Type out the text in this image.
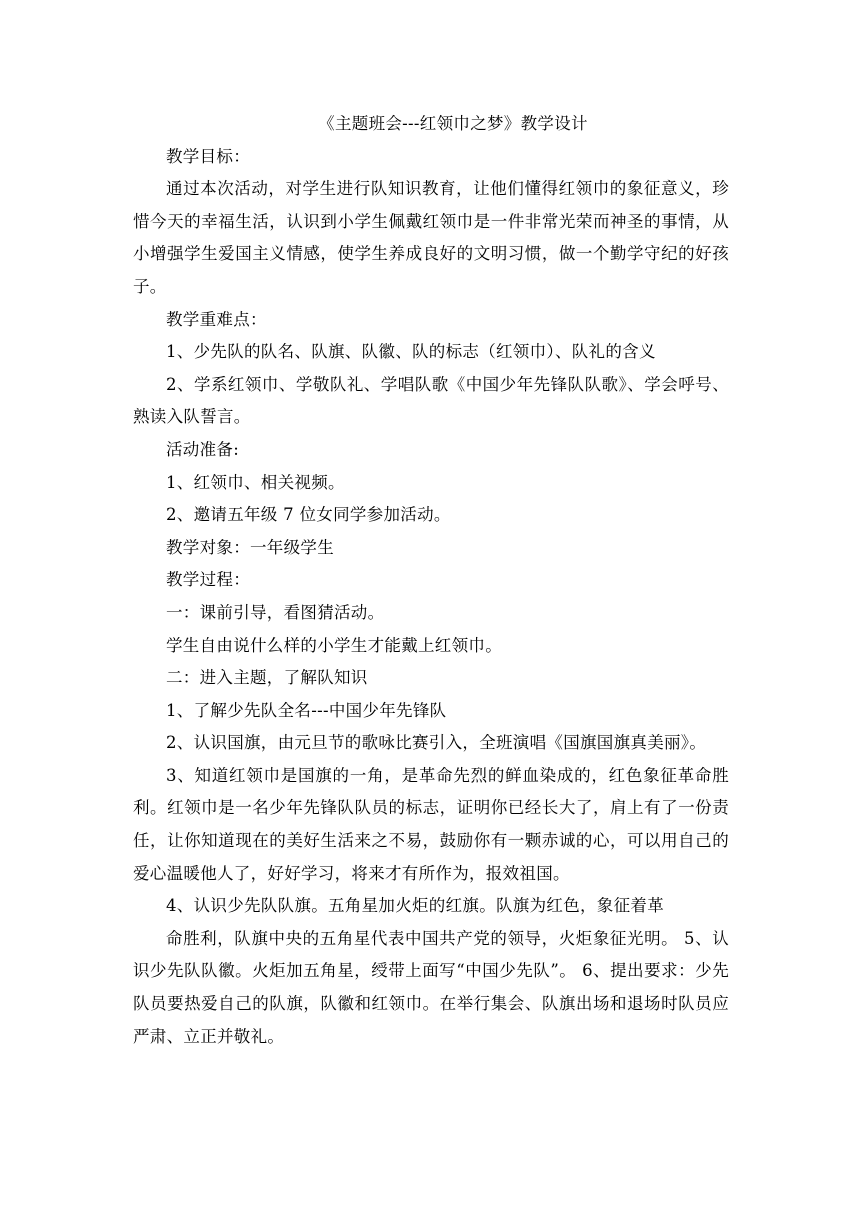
《主题班会---红领巾之梦》教学设计

教学目标：

通过本次活动，对学生进行队知识教育，让他们懂得红领巾的象征意义，珍惜今天的幸福生活，认识到小学生佩戴红领巾是一件非常光荣而神圣的事情，从小增强学生爱国主义情感，使学生养成良好的文明习惯，做一个勤学守纪的好孩子。

教学重难点：

1、少先队的队名、队旗、队徽、队的标志（红领巾）、队礼的含义

2、学系红领巾、学敬队礼、学唱队歌《中国少年先锋队队歌》、学会呼号、熟读入队誓言。

活动准备:

1、红领巾、相关视频。

2、邀请五年级 7 位女同学参加活动。

教学对象：一年级学生

教学过程：

一：课前引导，看图猜活动。

学生自由说什么样的小学生才能戴上红领巾。

二：进入主题，了解队知识

1、了解少先队全名---中国少年先锋队

2、认识国旗，由元旦节的歌咏比赛引入，全班演唱《国旗国旗真美丽》。

3、知道红领巾是国旗的一角，是革命先烈的鲜血染成的，红色象征革命胜利。红领巾是一名少年先锋队队员的标志，证明你已经长大了，肩上有了一份责任，让你知道现在的美好生活来之不易，鼓励你有一颗赤诚的心，可以用自己的爱心温暖他人了，好好学习，将来才有所作为，报效祖国。

4、认识少先队队旗。五角星加火炬的红旗。队旗为红色，象征着革

命胜利，队旗中央的五角星代表中国共产党的领导，火炬象征光明。 5、认识少先队队徽。火炬加五角星，绶带上面写“中国少先队”。 6、提出要求：少先队员要热爱自己的队旗，队徽和红领巾。在举行集会、队旗出场和退场时队员应严肃、立正并敬礼。
